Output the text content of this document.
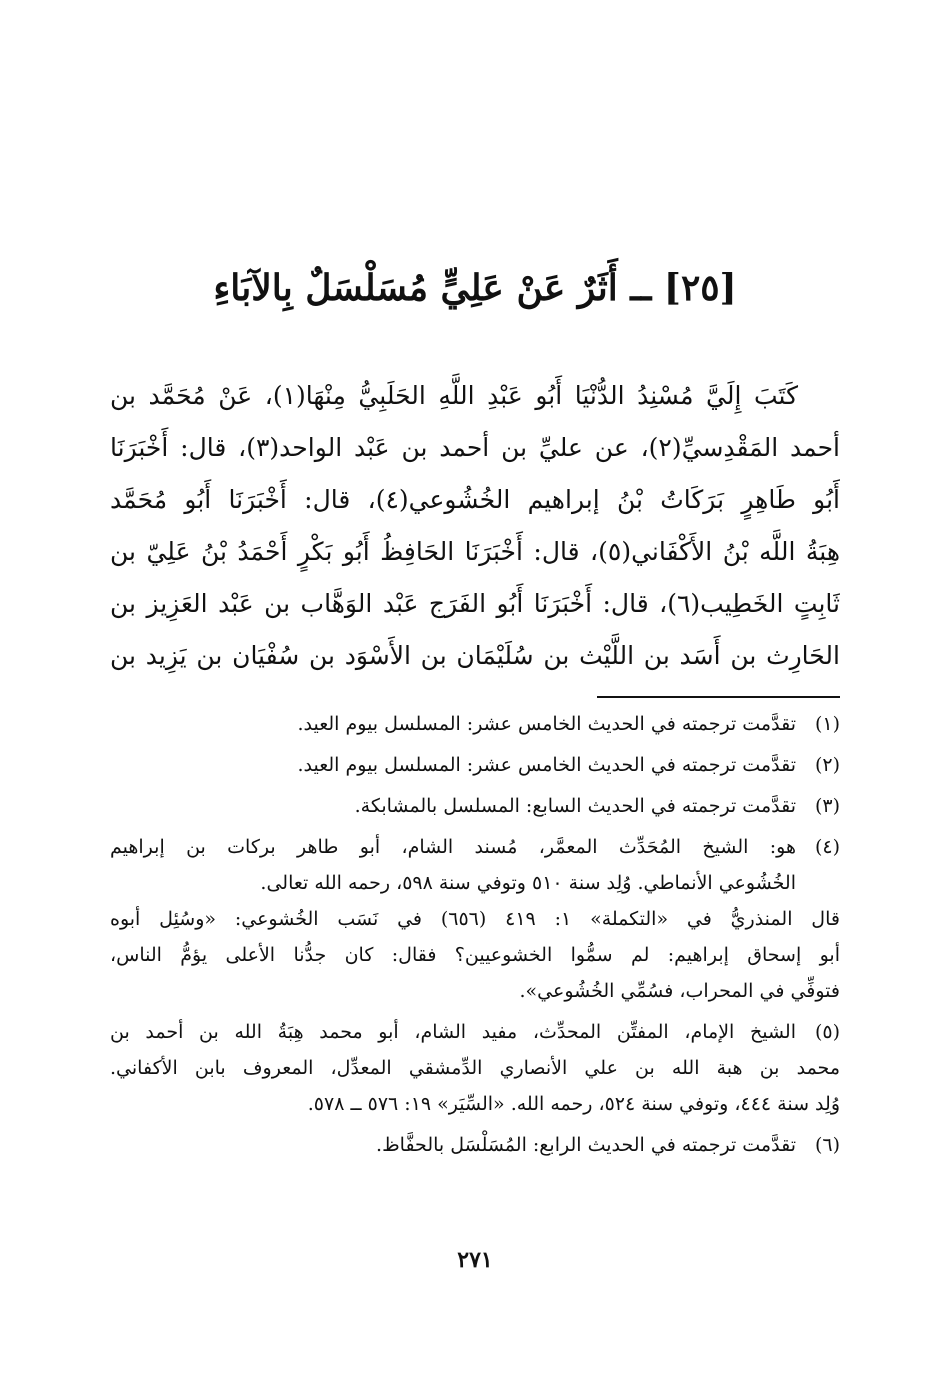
[٢٥] ــ أَثَرٌ عَنْ عَلِيٍّ مُسَلْسَلٌ بِالآبَاءِ
كَتَبَ إِلَيَّ مُسْنِدُ الدُّنْيَا أَبُو عَبْدِ اللَّهِ الحَلَبِيُّ مِنْهَا(١)، عَنْ مُحَمَّد بن
أحمد المَقْدِسيِّ(٢)، عن عليِّ بن أحمد بن عَبْد الواحد(٣)، قال: أَخْبَرَنَا
أَبُو طَاهِرٍ بَرَكَاتُ بْنُ إبراهيم الخُشُوعي(٤)، قال: أَخْبَرَنَا أَبُو مُحَمَّد
هِبَةُ اللَّه بْنُ الأَكْفَاني(٥)، قال: أَخْبَرَنَا الحَافِظُ أَبُو بَكْرٍ أَحْمَدُ بْنُ عَلِيّ بن
ثَابِتٍ الخَطِيب(٦)، قال: أَخْبَرَنَا أَبُو الفَرَج عَبْد الوَهَّاب بن عَبْد العَزِيز بن
الحَارِث بن أَسَد بن اللَّيْث بن سُلَيْمَان بن الأَسْوَد بن سُفْيَان بن يَزِيد بن
(١)
تقدَّمت ترجمته في الحديث الخامس عشر: المسلسل بيوم العيد.
(٢)
تقدَّمت ترجمته في الحديث الخامس عشر: المسلسل بيوم العيد.
(٣)
تقدَّمت ترجمته في الحديث السابع: المسلسل بالمشابكة.
(٤)
هو: الشيخ المُحَدِّث المعمَّر، مُسند الشام، أبو طاهر بركات بن إبراهيم
الخُشُوعي الأنماطي. وُلِد سنة ٥١٠ وتوفي سنة ٥٩٨، رحمه الله تعالى.
قال المنذريُّ في «التكملة» ١: ٤١٩ (٦٥٦) في نَسَب الخُشوعي: «وسُئِل أبوه
أبو إسحاق إبراهيم: لم سمُّوا الخشوعيين؟ فقال: كان جدُّنا الأعلى يؤمُّ الناس،
فتوفِّي في المحراب، فسُمِّي الخُشُوعي».
(٥)
الشيخ الإمام، المفتِّن المحدِّث، مفيد الشام، أبو محمد هِبَةُ الله بن أحمد بن
محمد بن هبة الله بن علي الأنصاري الدِّمشقي المعدِّل، المعروف بابن الأكفاني.
وُلِد سنة ٤٤٤، وتوفي سنة ٥٢٤، رحمه الله. «السِّيَر» ١٩: ٥٧٦ ــ ٥٧٨.
(٦)
تقدَّمت ترجمته في الحديث الرابع: المُسَلْسَل بالحفَّاظ.
٢٧١
